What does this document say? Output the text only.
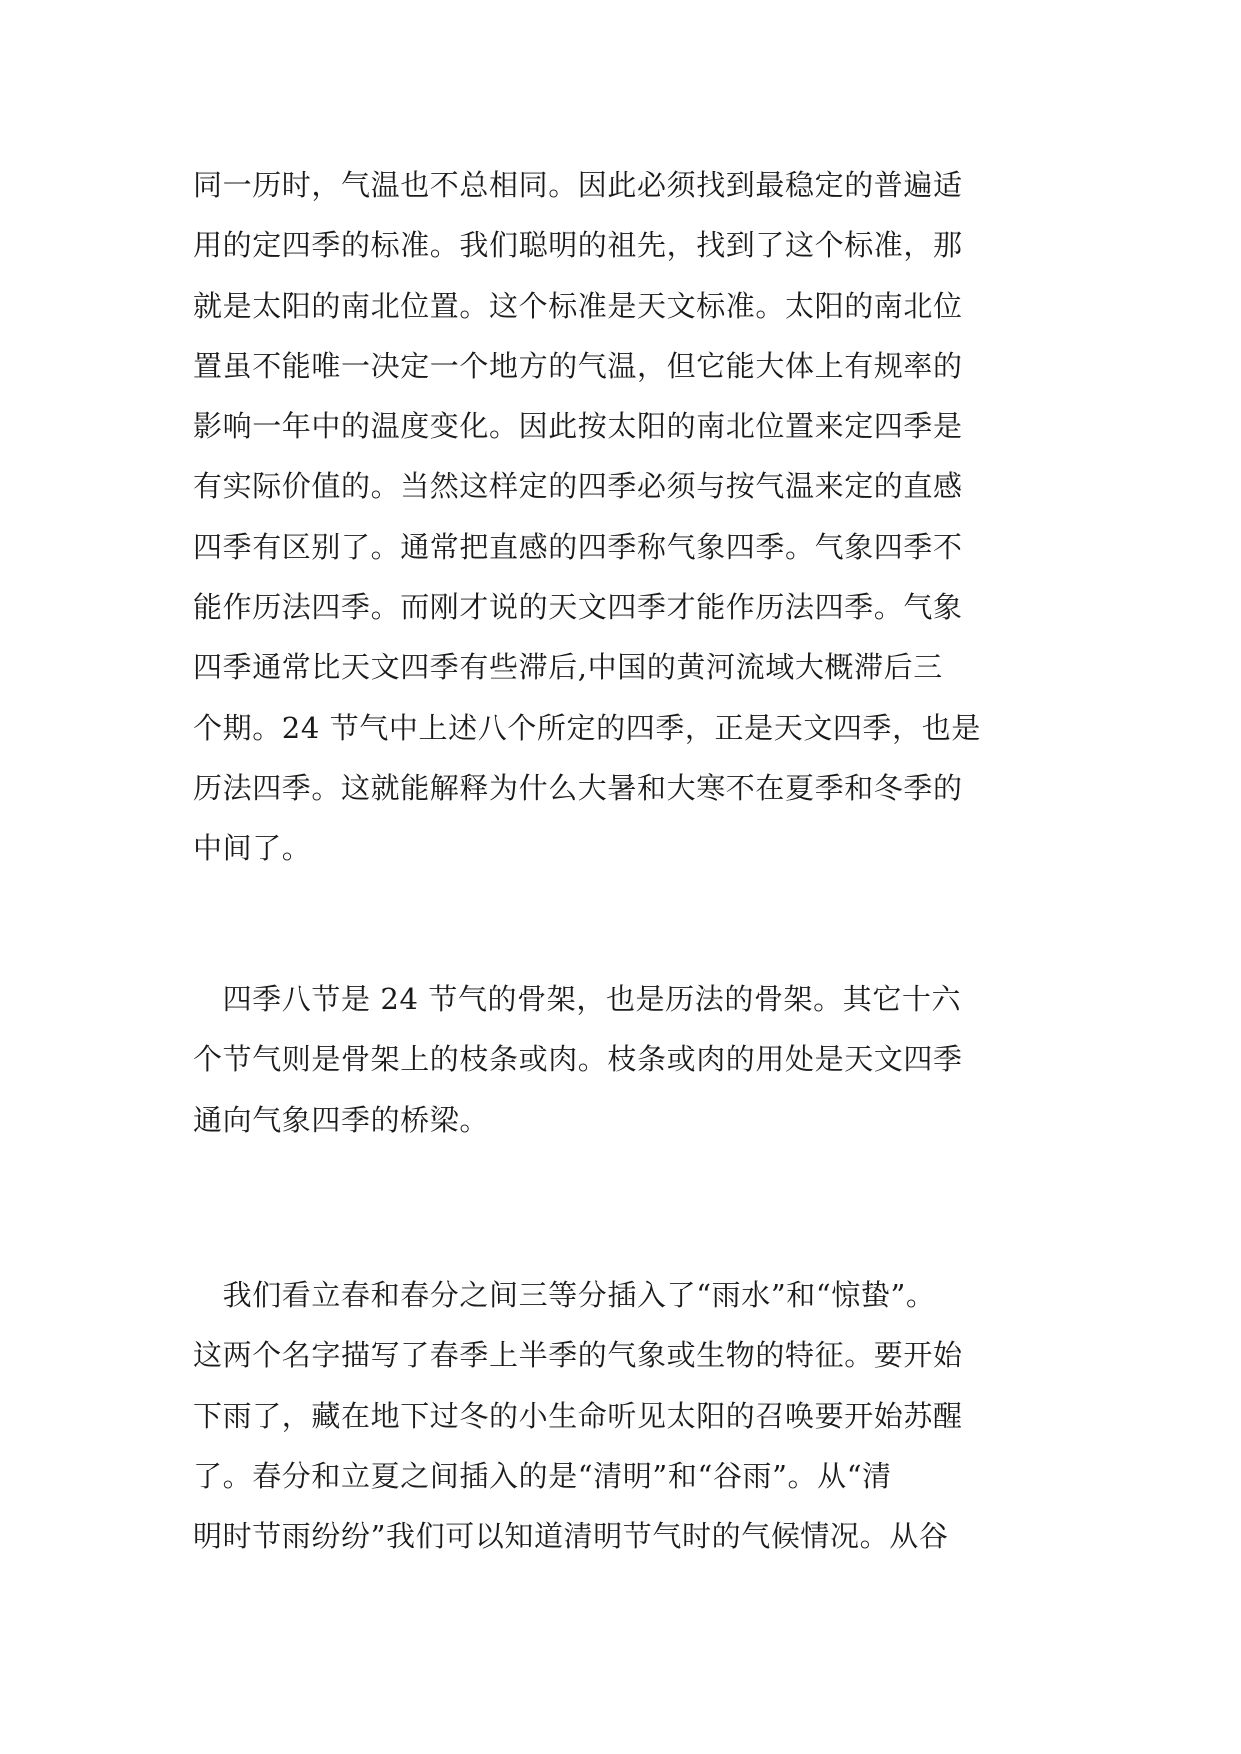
同一历时，气温也不总相同。因此必须找到最稳定的普遍适
用的定四季的标准。我们聪明的祖先，找到了这个标准，那
就是太阳的南北位置。这个标准是天文标准。太阳的南北位
置虽不能唯一决定一个地方的气温，但它能大体上有规率的
影响一年中的温度变化。因此按太阳的南北位置来定四季是
有实际价值的。当然这样定的四季必须与按气温来定的直感
四季有区别了。通常把直感的四季称气象四季。气象四季不
能作历法四季。而刚才说的天文四季才能作历法四季。气象
四季通常比天文四季有些滞后,中国的黄河流域大概滞后三
个期。24 节气中上述八个所定的四季，正是天文四季，也是
历法四季。这就能解释为什么大暑和大寒不在夏季和冬季的
中间了。
　四季八节是 24 节气的骨架，也是历法的骨架。其它十六
个节气则是骨架上的枝条或肉。枝条或肉的用处是天文四季
通向气象四季的桥梁。
　我们看立春和春分之间三等分插入了“雨水”和“惊蛰”。
这两个名字描写了春季上半季的气象或生物的特征。要开始
下雨了，藏在地下过冬的小生命听见太阳的召唤要开始苏醒
了。春分和立夏之间插入的是“清明”和“谷雨”。从“清
明时节雨纷纷”我们可以知道清明节气时的气候情况。从谷
